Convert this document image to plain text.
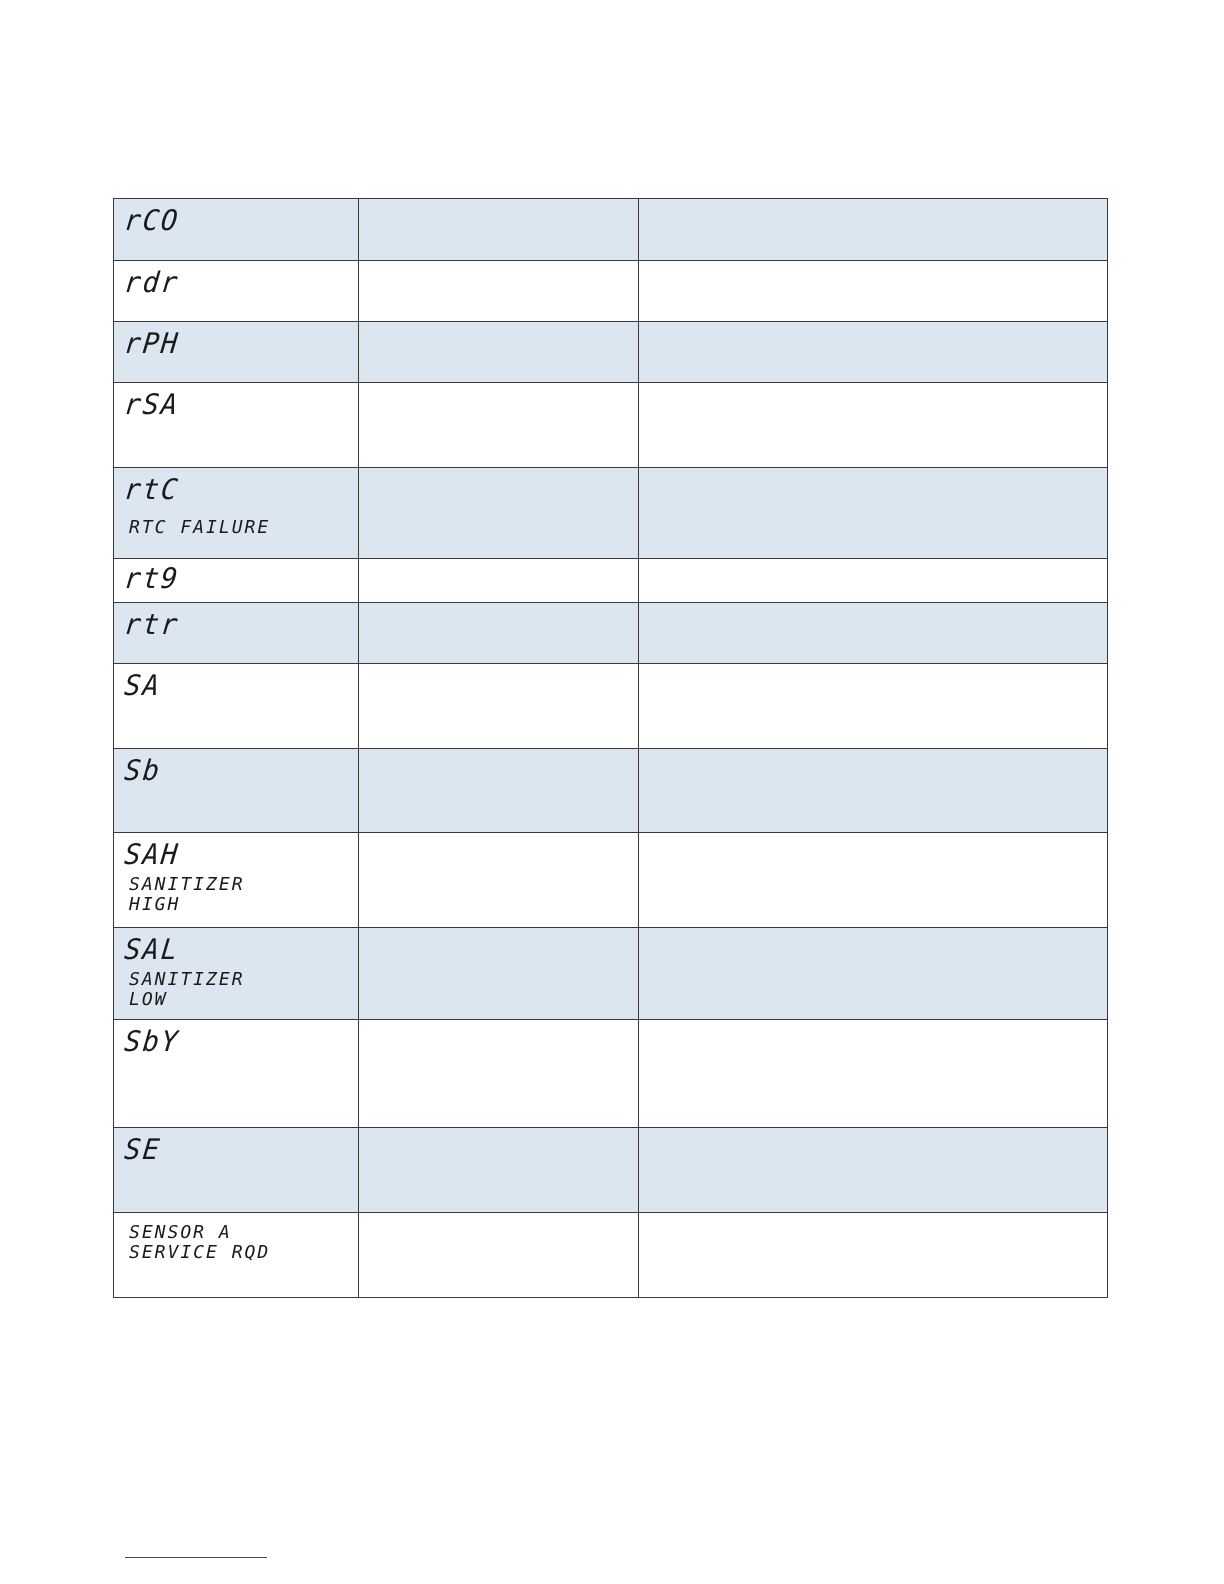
rCO		

rdr		

rPH		

rSA		

rtC
RTC FAILURE		

rt9		

rtr		

SA		

Sb		

SAH
SANITIZER
HIGH		

SAL
SANITIZER
LOW		

SbY		

SE		

SENSOR A
SERVICE RQD		
